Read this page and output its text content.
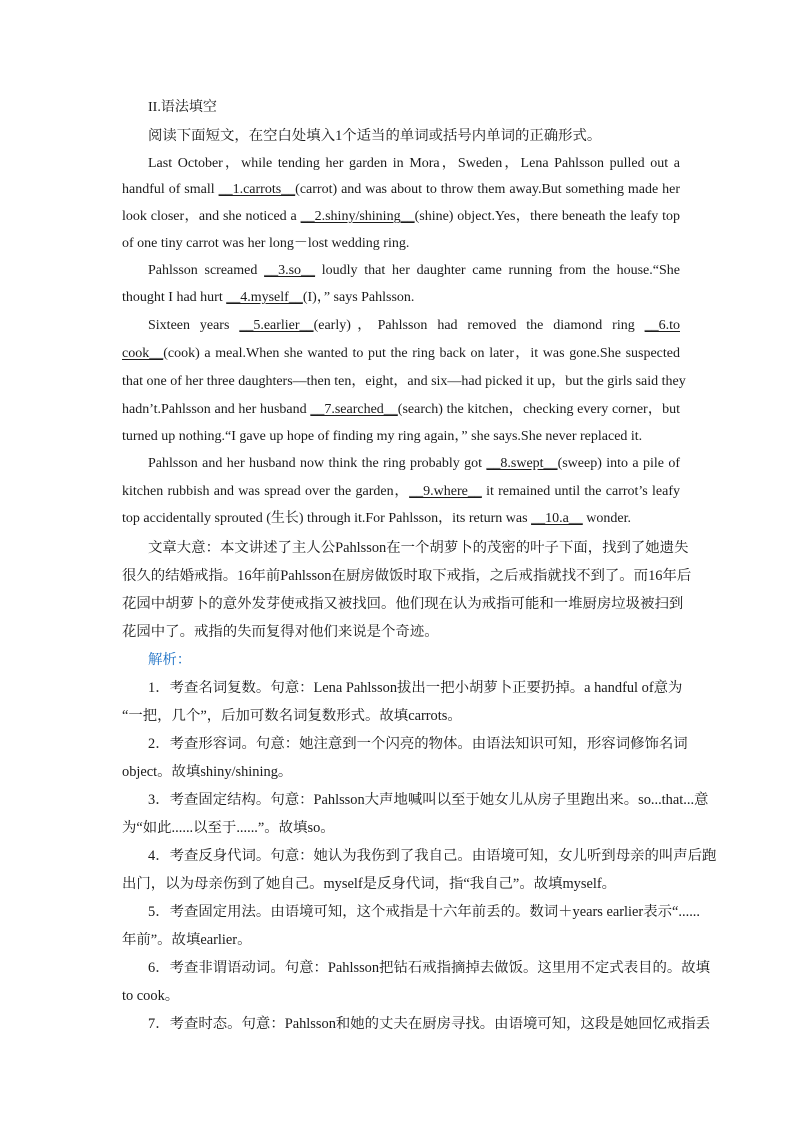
II.语法填空
阅读下面短文，在空白处填入1个适当的单词或括号内单词的正确形式。
Last October，while tending her garden in Mora，Sweden，Lena Pahlsson pulled out a
handful of small __1.carrots__(carrot) and was about to throw them away.But something made her
look closer，and she noticed a __2.shiny/shining__(shine) object.Yes，there beneath the leafy top
of one tiny carrot was her long－lost wedding ring.
Pahlsson screamed __3.so__ loudly that her daughter came running from the house.“She
thought I had hurt __4.myself__(I)，” says Pahlsson.
Sixteen years __5.earlier__(early)，Pahlsson had removed the diamond ring __6.to
cook__(cook) a meal.When she wanted to put the ring back on later，it was gone.She suspected
that one of her three daughters—then ten，eight，and six—had picked it up，but the girls said they
hadn’t.Pahlsson and her husband __7.searched__(search) the kitchen，checking every corner，but
turned up nothing.“I gave up hope of finding my ring again，” she says.She never replaced it.
Pahlsson and her husband now think the ring probably got __8.swept__(sweep) into a pile of
kitchen rubbish and was spread over the garden，__9.where__ it remained until the carrot’s leafy
top accidentally sprouted (生长) through it.For Pahlsson，its return was __10.a__ wonder.
文章大意：本文讲述了主人公Pahlsson在一个胡萝卜的茂密的叶子下面，找到了她遗失
很久的结婚戒指。16年前Pahlsson在厨房做饭时取下戒指，之后戒指就找不到了。而16年后
花园中胡萝卜的意外发芽使戒指又被找回。他们现在认为戒指可能和一堆厨房垃圾被扫到
花园中了。戒指的失而复得对他们来说是个奇迹。
解析：
1．考查名词复数。句意：Lena Pahlsson拔出一把小胡萝卜正要扔掉。a handful of意为
“一把，几个”，后加可数名词复数形式。故填carrots。
2．考查形容词。句意：她注意到一个闪亮的物体。由语法知识可知，形容词修饰名词
object。故填shiny/shining。
3．考查固定结构。句意：Pahlsson大声地喊叫以至于她女儿从房子里跑出来。so...that...意
为“如此......以至于......”。故填so。
4．考查反身代词。句意：她认为我伤到了我自己。由语境可知，女儿听到母亲的叫声后跑
出门，以为母亲伤到了她自己。myself是反身代词，指“我自己”。故填myself。
5．考查固定用法。由语境可知，这个戒指是十六年前丢的。数词＋years earlier表示“......
年前”。故填earlier。
6．考查非谓语动词。句意：Pahlsson把钻石戒指摘掉去做饭。这里用不定式表目的。故填
to cook。
7．考查时态。句意：Pahlsson和她的丈夫在厨房寻找。由语境可知，这段是她回忆戒指丢
